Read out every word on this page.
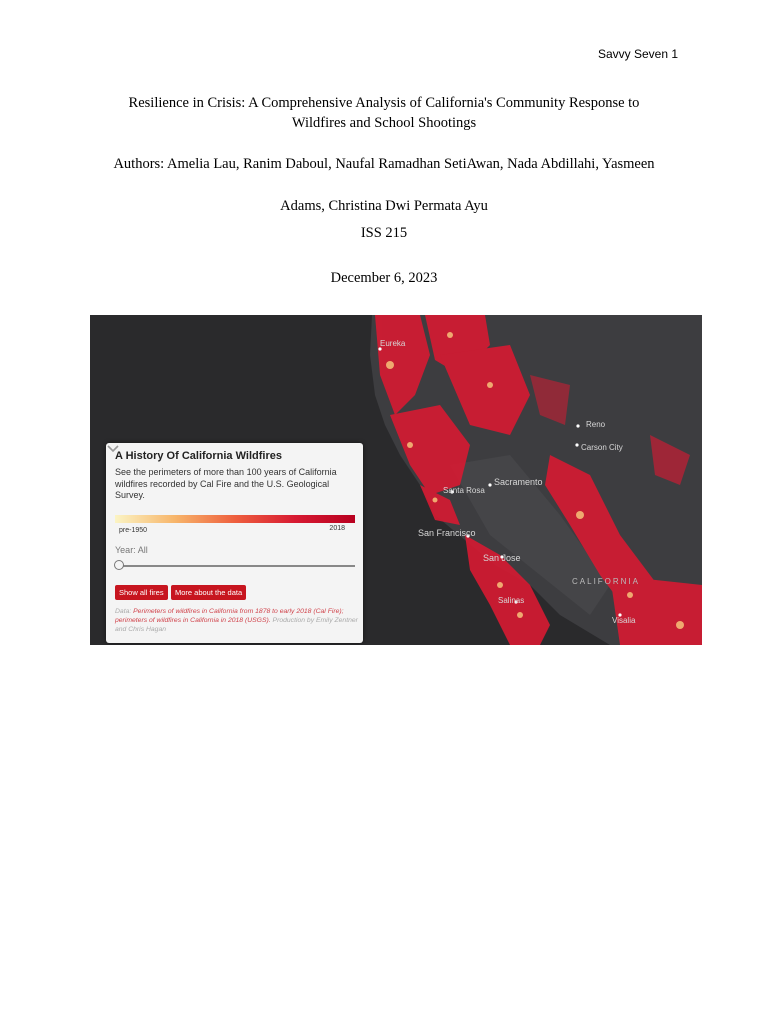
Savvy Seven 1
Resilience in Crisis: A Comprehensive Analysis of California's Community Response to
Wildfires and School Shootings
Authors: Amelia Lau, Ranim Daboul, Naufal Ramadhan SetiAwan, Nada Abdillahi, Yasmeen
Adams, Christina Dwi Permata Ayu
ISS 215
December 6, 2023
Eureka
Reno
Carson City
Sacramento
Santa Rosa
San Francisco
San Jose
Salinas
CALIFORNIA
Visalia
A History Of California Wildfires
See the perimeters of more than 100 years of California wildfires recorded by Cal Fire and the U.S. Geological Survey.
pre-1950	2018
Year: All
Show all fires	More about the data
Data: Perimeters of wildfires in California from 1878 to early 2018 (Cal Fire); perimeters of wildfires in California in 2018 (USGS). Production by Emily Zentner and Chris Hagan
